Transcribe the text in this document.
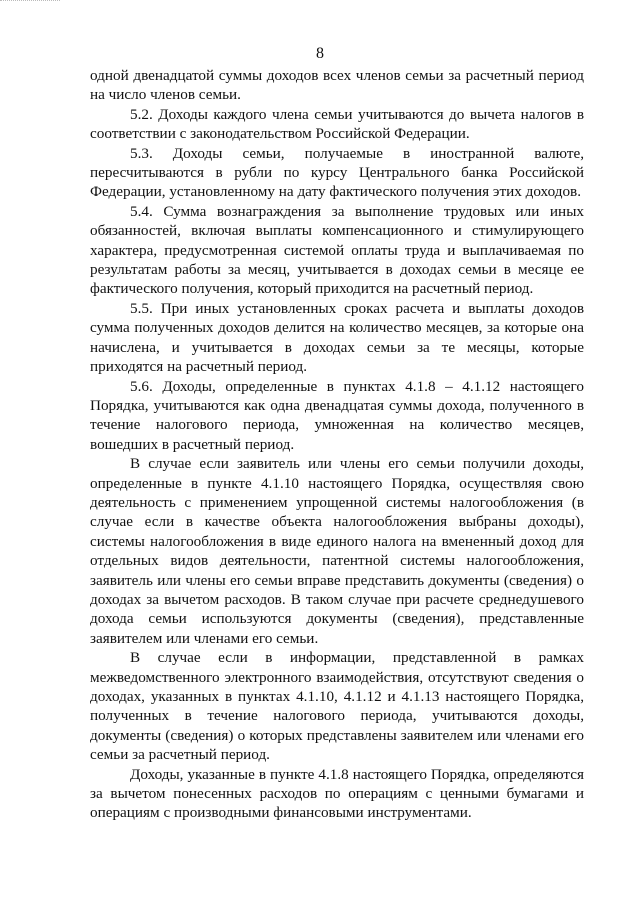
8

одной двенадцатой суммы доходов всех членов семьи за расчетный период на число членов семьи.

5.2. Доходы каждого члена семьи учитываются до вычета налогов в соответствии с законодательством Российской Федерации.

5.3. Доходы семьи, получаемые в иностранной валюте, пересчитываются в рубли по курсу Центрального банка Российской Федерации, установленному на дату фактического получения этих доходов.

5.4. Сумма вознаграждения за выполнение трудовых или иных обязанностей, включая выплаты компенсационного и стимулирующего характера, предусмотренная системой оплаты труда и выплачиваемая по результатам работы за месяц, учитывается в доходах семьи в месяце ее фактического получения, который приходится на расчетный период.

5.5. При иных установленных сроках расчета и выплаты доходов сумма полученных доходов делится на количество месяцев, за которые она начислена, и учитывается в доходах семьи за те месяцы, которые приходятся на расчетный период.

5.6. Доходы, определенные в пунктах 4.1.8 – 4.1.12 настоящего Порядка, учитываются как одна двенадцатая суммы дохода, полученного в течение налогового периода, умноженная на количество месяцев, вошедших в расчетный период.

В случае если заявитель или члены его семьи получили доходы, определенные в пункте 4.1.10 настоящего Порядка, осуществляя свою деятельность с применением упрощенной системы налогообложения (в случае если в качестве объекта налогообложения выбраны доходы), системы налогообложения в виде единого налога на вмененный доход для отдельных видов деятельности, патентной системы налогообложения, заявитель или члены его семьи вправе представить документы (сведения) о доходах за вычетом расходов. В таком случае при расчете среднедушевого дохода семьи используются документы (сведения), представленные заявителем или членами его семьи.

В случае если в информации, представленной в рамках межведомственного электронного взаимодействия, отсутствуют сведения о доходах, указанных в пунктах 4.1.10, 4.1.12 и 4.1.13 настоящего Порядка, полученных в течение налогового периода, учитываются доходы, документы (сведения) о которых представлены заявителем или членами его семьи за расчетный период.

Доходы, указанные в пункте 4.1.8 настоящего Порядка, определяются за вычетом понесенных расходов по операциям с ценными бумагами и операциям с производными финансовыми инструментами.
